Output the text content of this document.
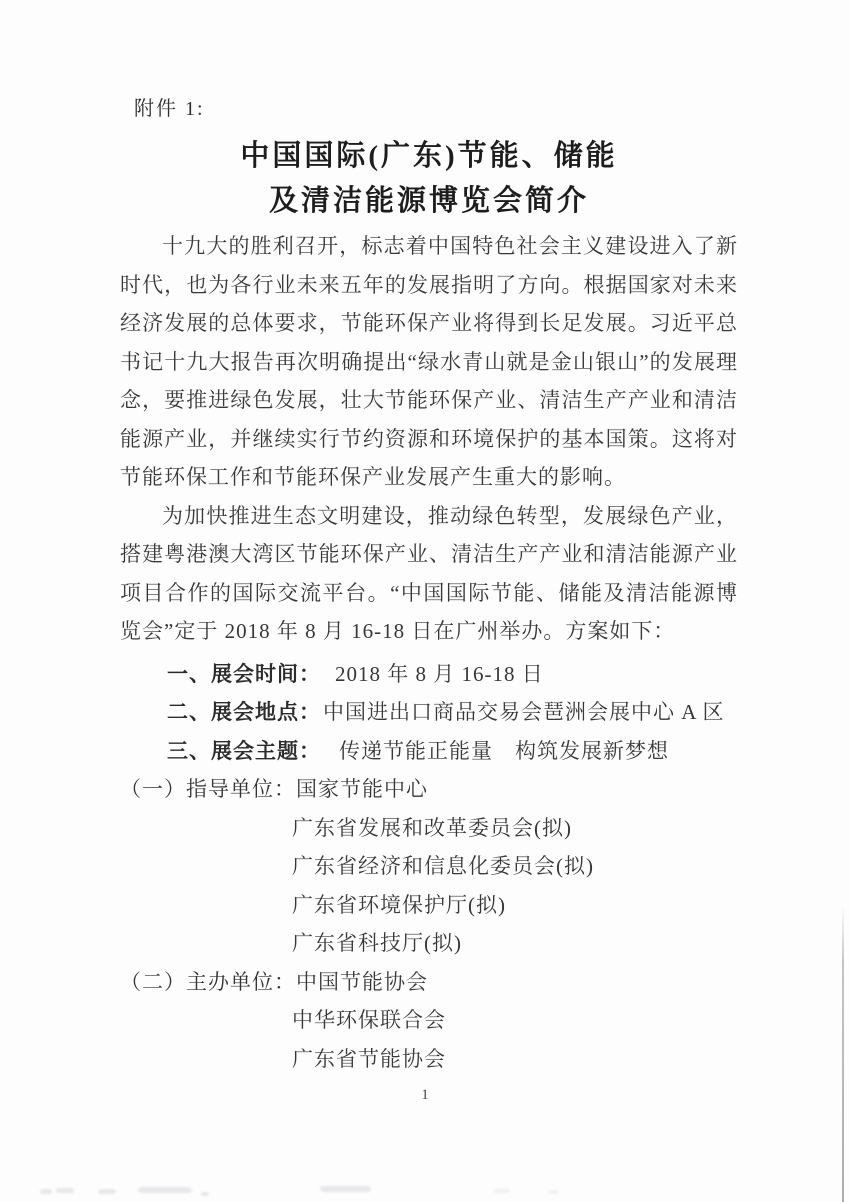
附件 1:
中国国际(广东)节能、储能
及清洁能源博览会简介

十九大的胜利召开，标志着中国特色社会主义建设进入了新时代，也为各行业未来五年的发展指明了方向。根据国家对未来经济发展的总体要求，节能环保产业将得到长足发展。习近平总书记十九大报告再次明确提出“绿水青山就是金山银山”的发展理念，要推进绿色发展，壮大节能环保产业、清洁生产产业和清洁能源产业，并继续实行节约资源和环境保护的基本国策。这将对节能环保工作和节能环保产业发展产生重大的影响。

为加快推进生态文明建设，推动绿色转型，发展绿色产业，搭建粤港澳大湾区节能环保产业、清洁生产产业和清洁能源产业项目合作的国际交流平台。“中国国际节能、储能及清洁能源博览会”定于 2018 年 8 月 16-18 日在广州举办。方案如下：

一、展会时间： 2018 年 8 月 16-18 日
二、展会地点：中国进出口商品交易会琶洲会展中心 A 区
三、展会主题： 传递节能正能量　构筑发展新梦想
（一）指导单位： 国家节能中心
广东省发展和改革委员会(拟)
广东省经济和信息化委员会(拟)
广东省环境保护厅(拟)
广东省科技厅(拟)
（二）主办单位： 中国节能协会
中华环保联合会
广东省节能协会
1
